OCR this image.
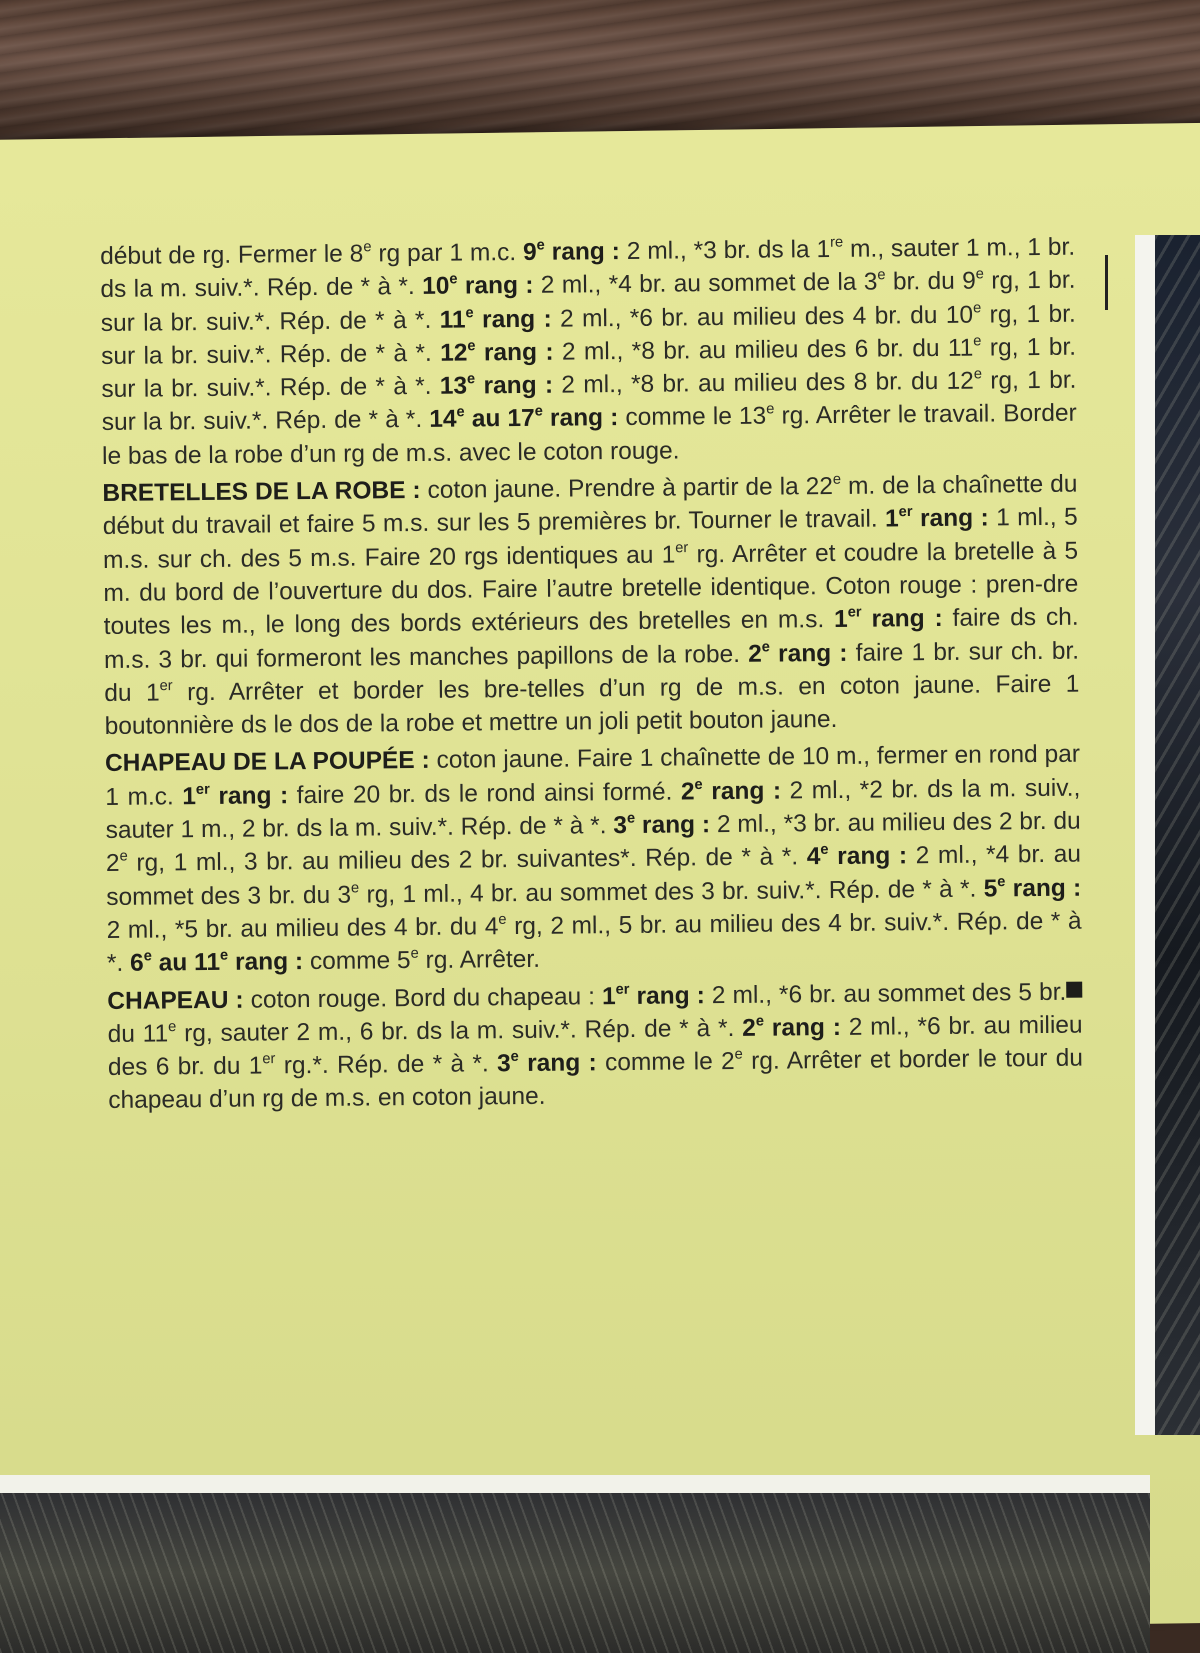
début de rg. Fermer le 8e rg par 1 m.c. 9e rang : 2 ml., *3 br. ds la 1re m., sauter 1 m., 1 br. ds la m. suiv.*. Rép. de * à *. 10e rang : 2 ml., *4 br. au sommet de la 3e br. du 9e rg, 1 br. sur la br. suiv.*. Rép. de * à *. 11e rang : 2 ml., *6 br. au milieu des 4 br. du 10e rg, 1 br. sur la br. suiv.*. Rép. de * à *. 12e rang : 2 ml., *8 br. au milieu des 6 br. du 11e rg, 1 br. sur la br. suiv.*. Rép. de * à *. 13e rang : 2 ml., *8 br. au milieu des 8 br. du 12e rg, 1 br. sur la br. suiv.*. Rép. de * à *. 14e au 17e rang : comme le 13e rg. Arrêter le travail. Border le bas de la robe d’un rg de m.s. avec le coton rouge.

BRETELLES DE LA ROBE : coton jaune. Prendre à partir de la 22e m. de la chaînette du début du travail et faire 5 m.s. sur les 5 premières br. Tourner le travail. 1er rang : 1 ml., 5 m.s. sur ch. des 5 m.s. Faire 20 rgs identiques au 1er rg. Arrêter et coudre la bretelle à 5 m. du bord de l’ouverture du dos. Faire l’autre bretelle identique. Coton rouge : pren-dre toutes les m., le long des bords extérieurs des bretelles en m.s. 1er rang : faire ds ch. m.s. 3 br. qui formeront les manches papillons de la robe. 2e rang : faire 1 br. sur ch. br. du 1er rg. Arrêter et border les bre-telles d’un rg de m.s. en coton jaune. Faire 1 boutonnière ds le dos de la robe et mettre un joli petit bouton jaune.

CHAPEAU DE LA POUPÉE : coton jaune. Faire 1 chaînette de 10 m., fermer en rond par 1 m.c. 1er rang : faire 20 br. ds le rond ainsi formé. 2e rang : 2 ml., *2 br. ds la m. suiv., sauter 1 m., 2 br. ds la m. suiv.*. Rép. de * à *. 3e rang : 2 ml., *3 br. au milieu des 2 br. du 2e rg, 1 ml., 3 br. au milieu des 2 br. suivantes*. Rép. de * à *. 4e rang : 2 ml., *4 br. au sommet des 3 br. du 3e rg, 1 ml., 4 br. au sommet des 3 br. suiv.*. Rép. de * à *. 5e rang : 2 ml., *5 br. au milieu des 4 br. du 4e rg, 2 ml., 5 br. au milieu des 4 br. suiv.*. Rép. de * à *. 6e au 11e rang : comme 5e rg. Arrêter.

CHAPEAU : coton rouge. Bord du chapeau : 1er rang : 2 ml., *6 br. au sommet des 5 br. du 11e rg, sauter 2 m., 6 br. ds la m. suiv.*. Rép. de * à *. 2e rang : 2 ml., *6 br. au milieu des 6 br. du 1er rg.*. Rép. de * à *. 3e rang : comme le 2e rg. Arrêter et border le tour du chapeau d’un rg de m.s. en coton jaune.
